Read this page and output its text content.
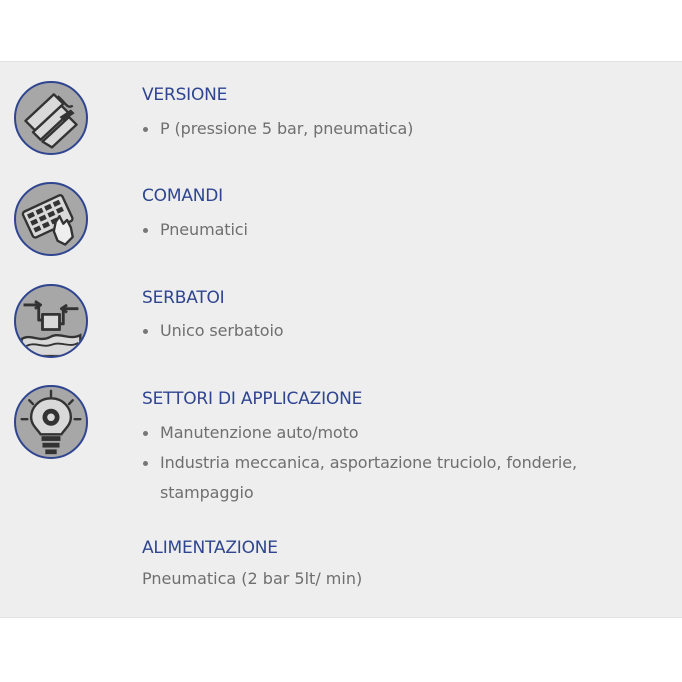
VERSIONE
P (pressione 5 bar, pneumatica)
COMANDI
Pneumatici
SERBATOI
Unico serbatoio
SETTORI DI APPLICAZIONE
Manutenzione auto/moto
Industria meccanica, asportazione truciolo, fonderie, stampaggio
ALIMENTAZIONE

Pneumatica (2 bar 5lt/ min)
